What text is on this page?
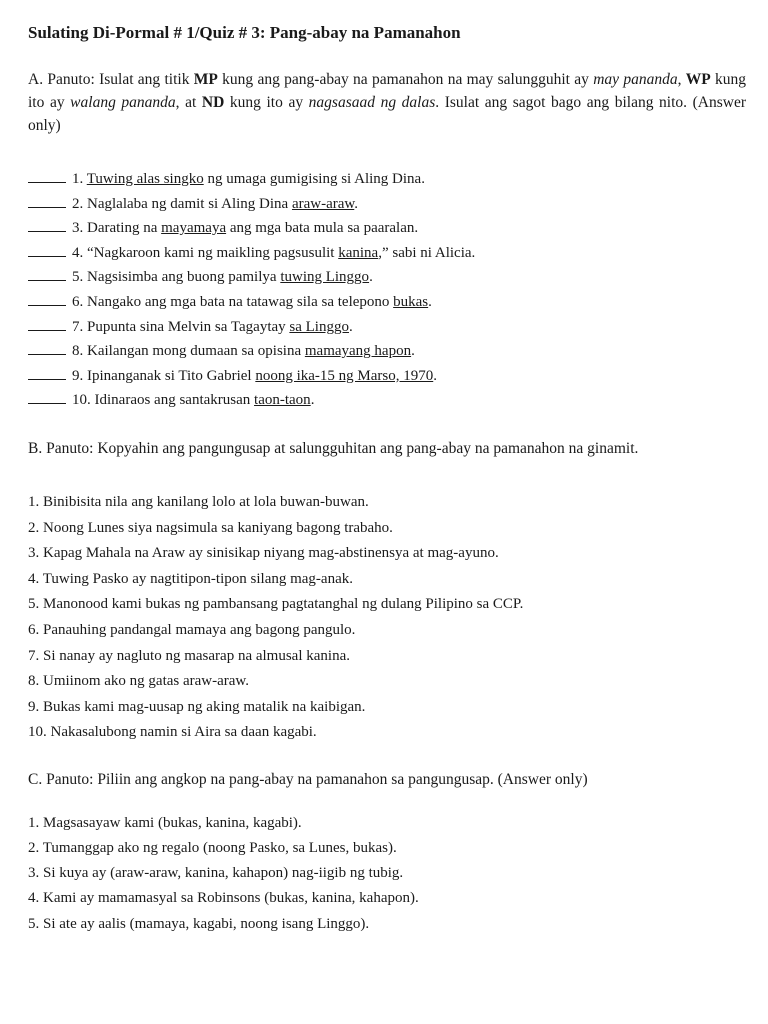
Sulating Di-Pormal # 1/Quiz # 3: Pang-abay na Pamanahon

A. Panuto: Isulat ang titik MP kung ang pang-abay na pamanahon na may salungguhit ay may pananda, WP kung ito ay walang pananda, at ND kung ito ay nagsasaad ng dalas. Isulat ang sagot bago ang bilang nito. (Answer only)

1. Tuwing alas singko ng umaga gumigising si Aling Dina.
2. Naglalaba ng damit si Aling Dina araw-araw.
3. Darating na mayamaya ang mga bata mula sa paaralan.
4. “Nagkaroon kami ng maikling pagsusulit kanina,” sabi ni Alicia.
5. Nagsisimba ang buong pamilya tuwing Linggo.
6. Nangako ang mga bata na tatawag sila sa telepono bukas.
7. Pupunta sina Melvin sa Tagaytay sa Linggo.
8. Kailangan mong dumaan sa opisina mamayang hapon.
9. Ipinanganak si Tito Gabriel noong ika-15 ng Marso, 1970.
10. Idinaraos ang santakrusan taon-taon.

B. Panuto: Kopyahin ang pangungusap at salungguhitan ang pang-abay na pamanahon na ginamit.

1. Binibisita nila ang kanilang lolo at lola buwan-buwan.
2. Noong Lunes siya nagsimula sa kaniyang bagong trabaho.
3. Kapag Mahala na Araw ay sinisikap niyang mag-abstinensya at mag-ayuno.
4. Tuwing Pasko ay nagtitipon-tipon silang mag-anak.
5. Manonood kami bukas ng pambansang pagtatanghal ng dulang Pilipino sa CCP.
6. Panauhing pandangal mamaya ang bagong pangulo.
7. Si nanay ay nagluto ng masarap na almusal kanina.
8. Umiinom ako ng gatas araw-araw.
9. Bukas kami mag-uusap ng aking matalik na kaibigan.
10. Nakasalubong namin si Aira sa daan kagabi.

C. Panuto: Piliin ang angkop na pang-abay na pamanahon sa pangungusap. (Answer only)

1. Magsasayaw kami (bukas, kanina, kagabi).
2. Tumanggap ako ng regalo (noong Pasko, sa Lunes, bukas).
3. Si kuya ay (araw-araw, kanina, kahapon) nag-iigib ng tubig.
4. Kami ay mamamasyal sa Robinsons (bukas, kanina, kahapon).
5. Si ate ay aalis (mamaya, kagabi, noong isang Linggo).
